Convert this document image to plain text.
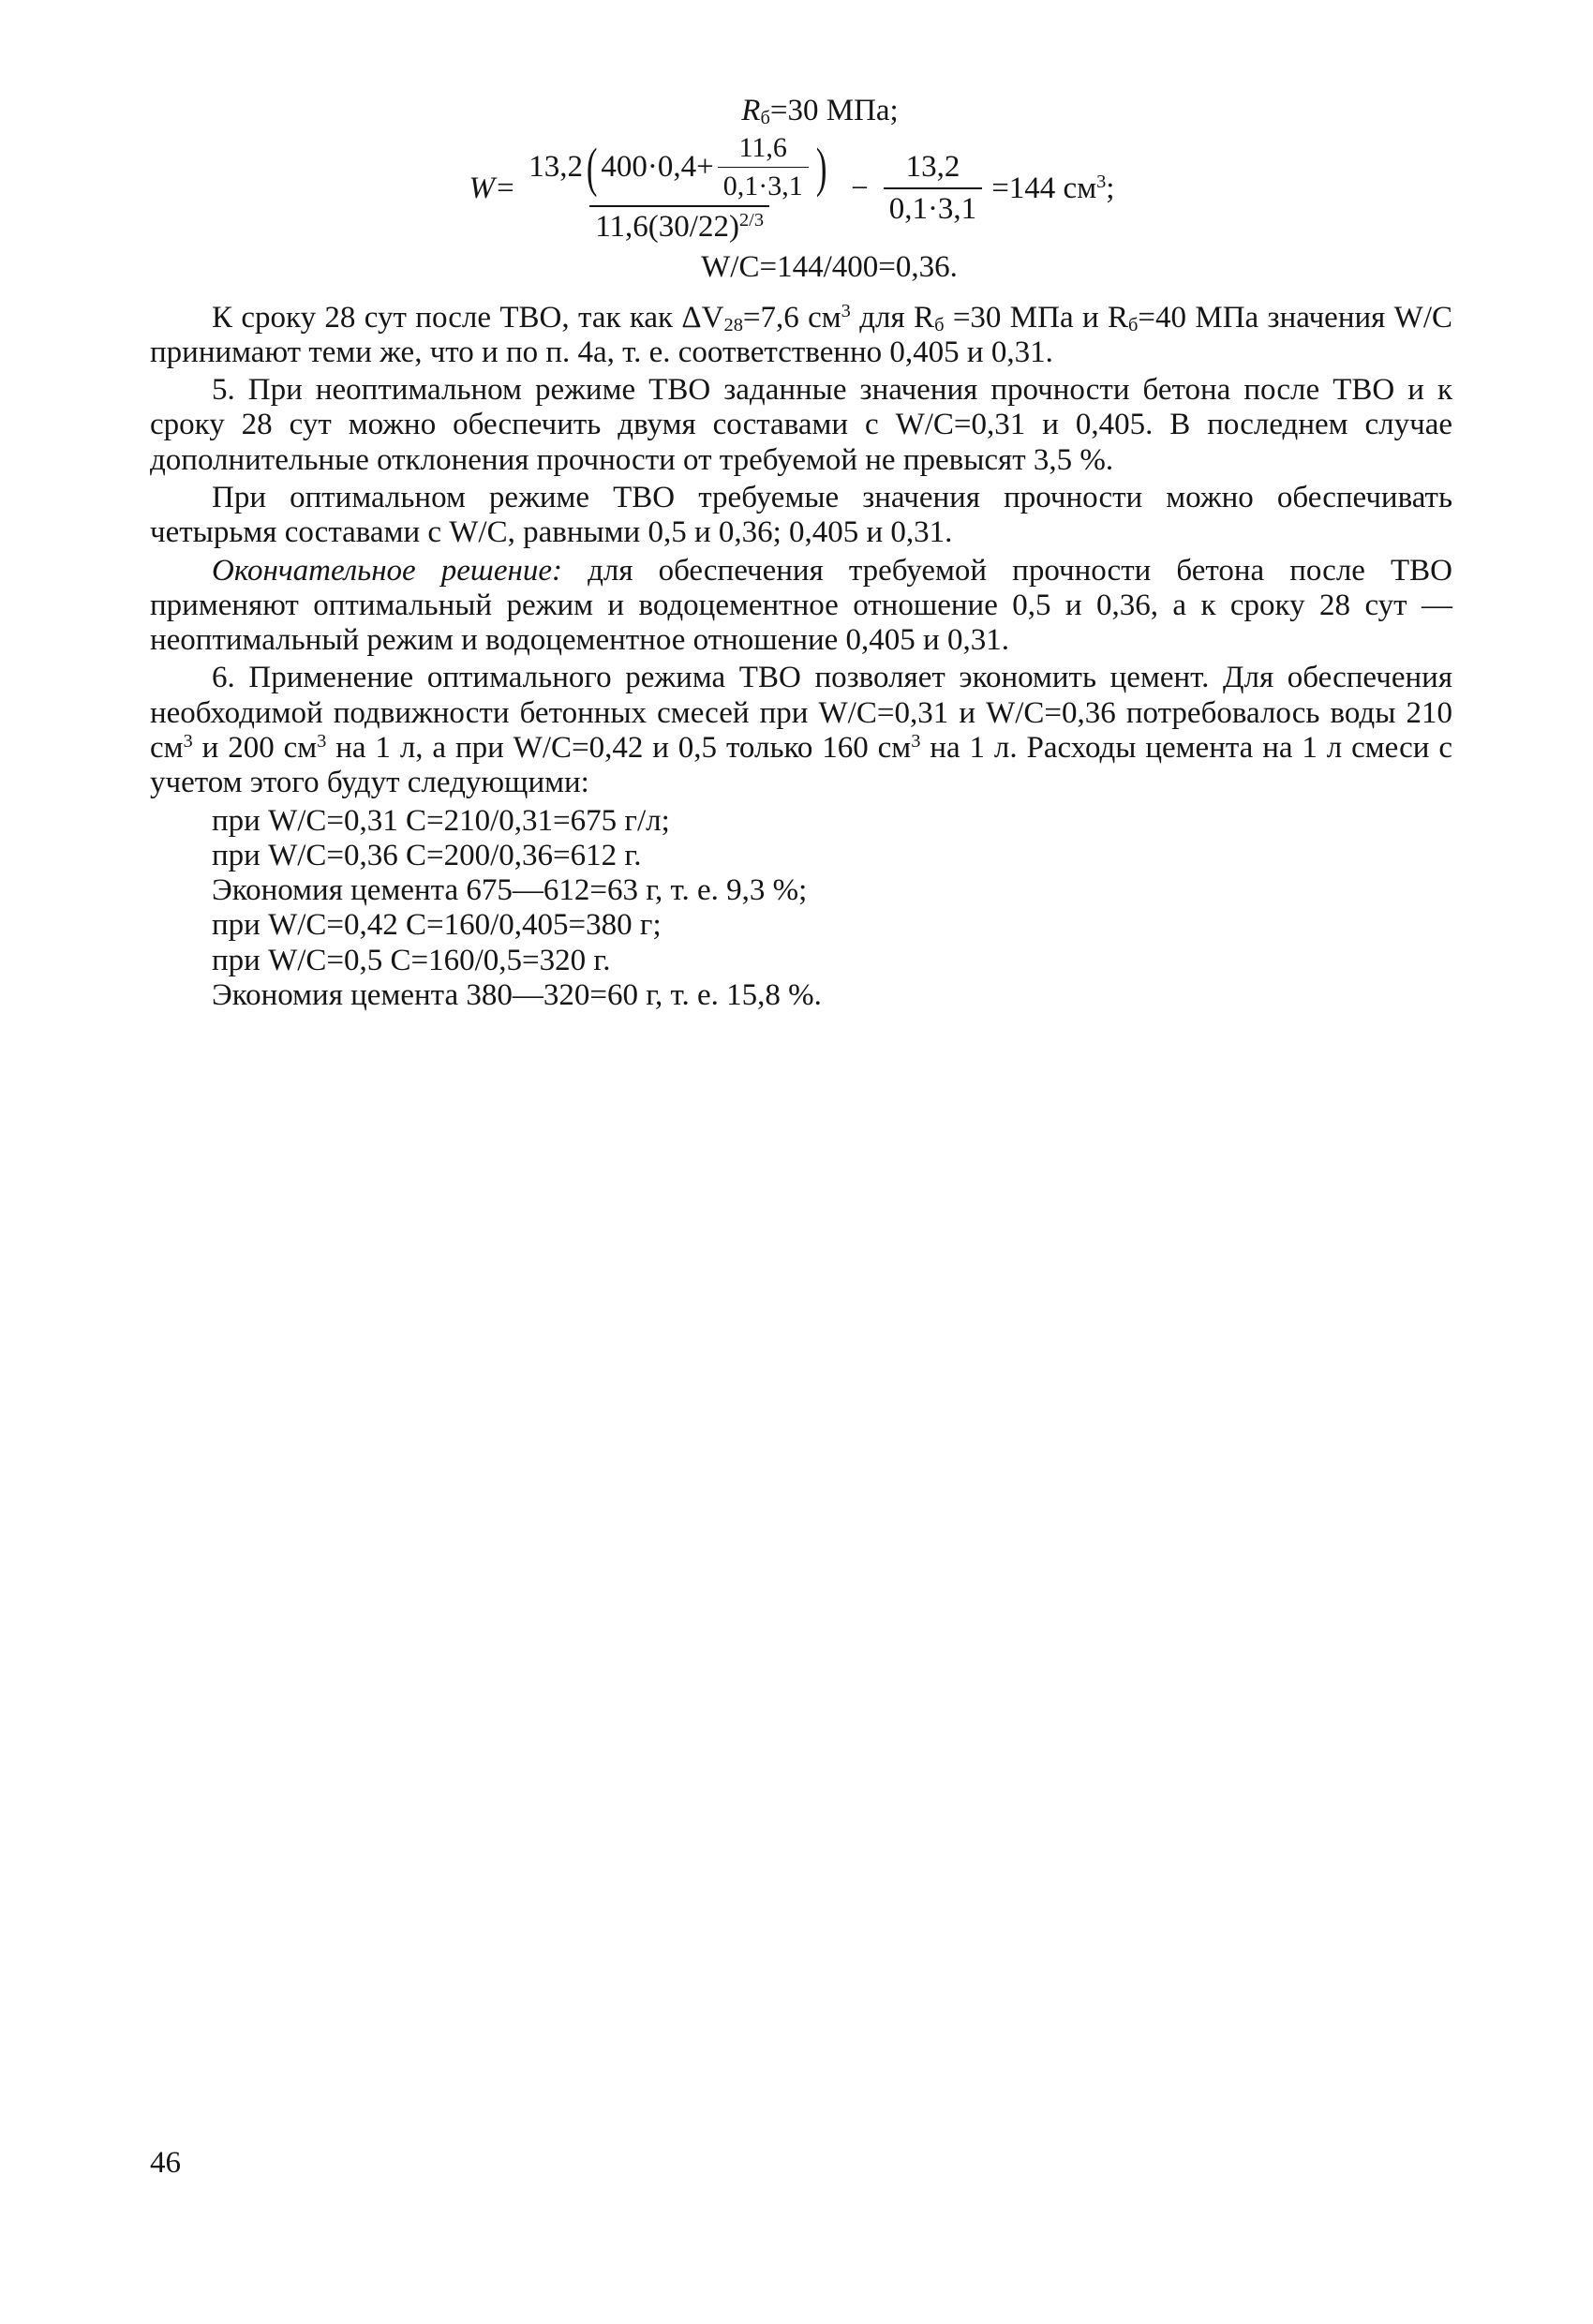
$R_б=30$ МПа;

W=
13,2 ( $400\cdot 0,4+ \frac{11,6}{0,1\cdot 3,1}$ )
$11,6(30/22)^{2/3}$
− $\frac{13,2}{0,1\cdot 3,1} =144$ $см^3$;

W/C=144/400=0,36.

К сроку 28 сут после ТВО, так как $\Delta V_{28}=7,6$ $см^3$ для $R_б =30$ МПа и $R_б=40$ МПа значения W/C принимают теми же, что и по п. 4а, т. е. соответственно 0,405 и 0,31.

5. При неоптимальном режиме ТВО заданные значения прочности бетона после ТВО и к сроку 28 сут можно обеспечить двумя составами с W/C=0,31 и 0,405. В последнем случае дополнительные отклонения прочности от требуемой не превысят 3,5 %.

При оптимальном режиме ТВО требуемые значения прочности можно обеспечивать четырьмя составами с W/C, равными 0,5 и 0,36; 0,405 и 0,31.

Окончательное решение: для обеспечения требуемой прочности бетона после ТВО применяют оптимальный режим и водоцементное отношение 0,5 и 0,36, а к сроку 28 сут — неоптимальный режим и водоцементное отношение 0,405 и 0,31.

6. Применение оптимального режима ТВО позволяет экономить цемент. Для обеспечения необходимой подвижности бетонных смесей при W/C=0,31 и W/C=0,36 потребовалось воды 210 $см^3$ и 200 $см^3$ на 1 л, а при W/C=0,42 и 0,5 только 160 $см^3$ на 1 л. Расходы цемента на 1 л смеси с учетом этого будут следующими:

при W/C=0,31 C=210/0,31=675 г/л;

при W/C=0,36 C=200/0,36=612 г.

Экономия цемента 675—612=63 г, т. е. 9,3 %;

при W/C=0,42 C=160/0,405=380 г;

при W/C=0,5 C=160/0,5=320 г.

Экономия цемента 380—320=60 г, т. е. 15,8 %.

46
